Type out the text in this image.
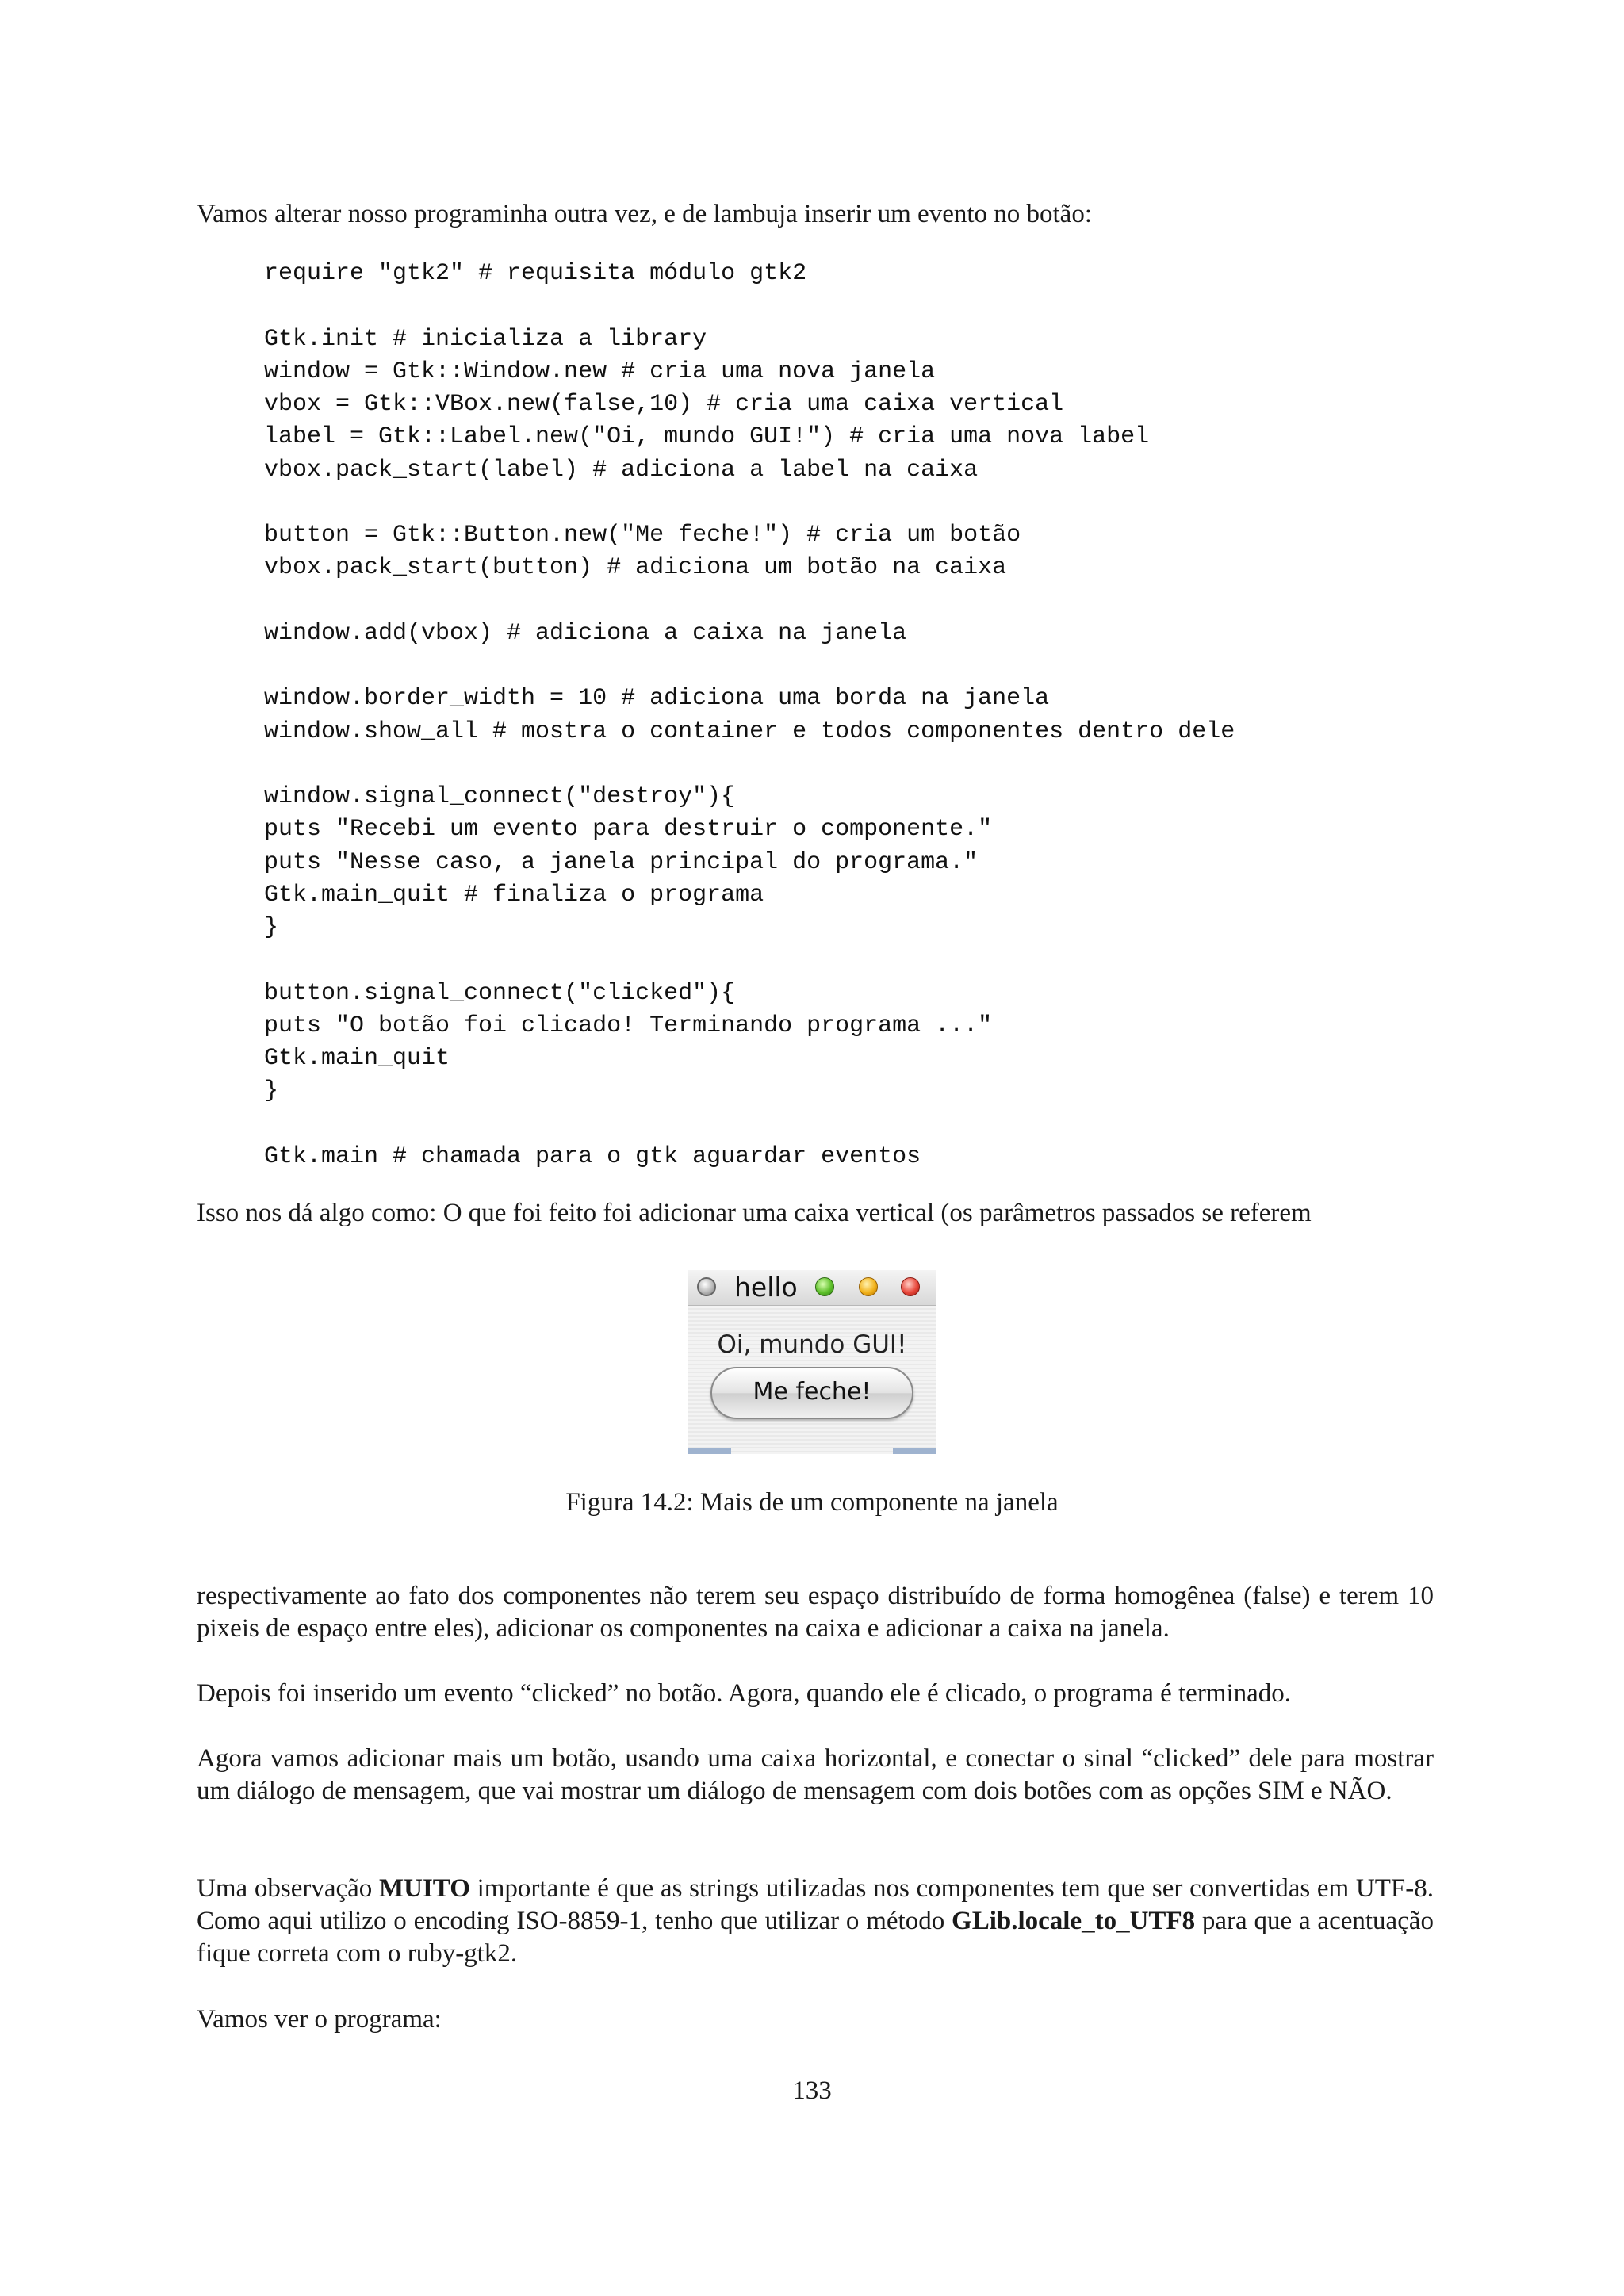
Vamos alterar nosso programinha outra vez, e de lambuja inserir um evento no botão:

require "gtk2" # requisita módulo gtk2
Gtk.init # inicializa a library
window = Gtk::Window.new # cria uma nova janela
vbox = Gtk::VBox.new(false,10) # cria uma caixa vertical
label = Gtk::Label.new("Oi, mundo GUI!") # cria uma nova label
vbox.pack_start(label) # adiciona a label na caixa
button = Gtk::Button.new("Me feche!") # cria um botão
vbox.pack_start(button) # adiciona um botão na caixa
window.add(vbox) # adiciona a caixa na janela
window.border_width = 10 # adiciona uma borda na janela
window.show_all # mostra o container e todos componentes dentro dele
window.signal_connect("destroy"){
puts "Recebi um evento para destruir o componente."
puts "Nesse caso, a janela principal do programa."
Gtk.main_quit # finaliza o programa
}
button.signal_connect("clicked"){
puts "O botão foi clicado! Terminando programa ..."
Gtk.main_quit
}
Gtk.main # chamada para o gtk aguardar eventos

Isso nos dá algo como: O que foi feito foi adicionar uma caixa vertical (os parâmetros passados se referem

hello
Oi, mundo GUI!
Me feche!
Figura 14.2: Mais de um componente na janela

respectivamente ao fato dos componentes não terem seu espaço distribuído de forma homogênea (false) e terem 10 pixeis de espaço entre eles), adicionar os componentes na caixa e adicionar a caixa na janela.

Depois foi inserido um evento “clicked” no botão. Agora, quando ele é clicado, o programa é terminado.

Agora vamos adicionar mais um botão, usando uma caixa horizontal, e conectar o sinal “clicked” dele para mostrar um diálogo de mensagem, que vai mostrar um diálogo de mensagem com dois botões com as opções SIM e NÃO.

Uma observação MUITO importante é que as strings utilizadas nos componentes tem que ser convertidas em UTF-8. Como aqui utilizo o encoding ISO-8859-1, tenho que utilizar o método GLib.locale_to_UTF8 para que a acentuação fique correta com o ruby-gtk2.

Vamos ver o programa:

133
